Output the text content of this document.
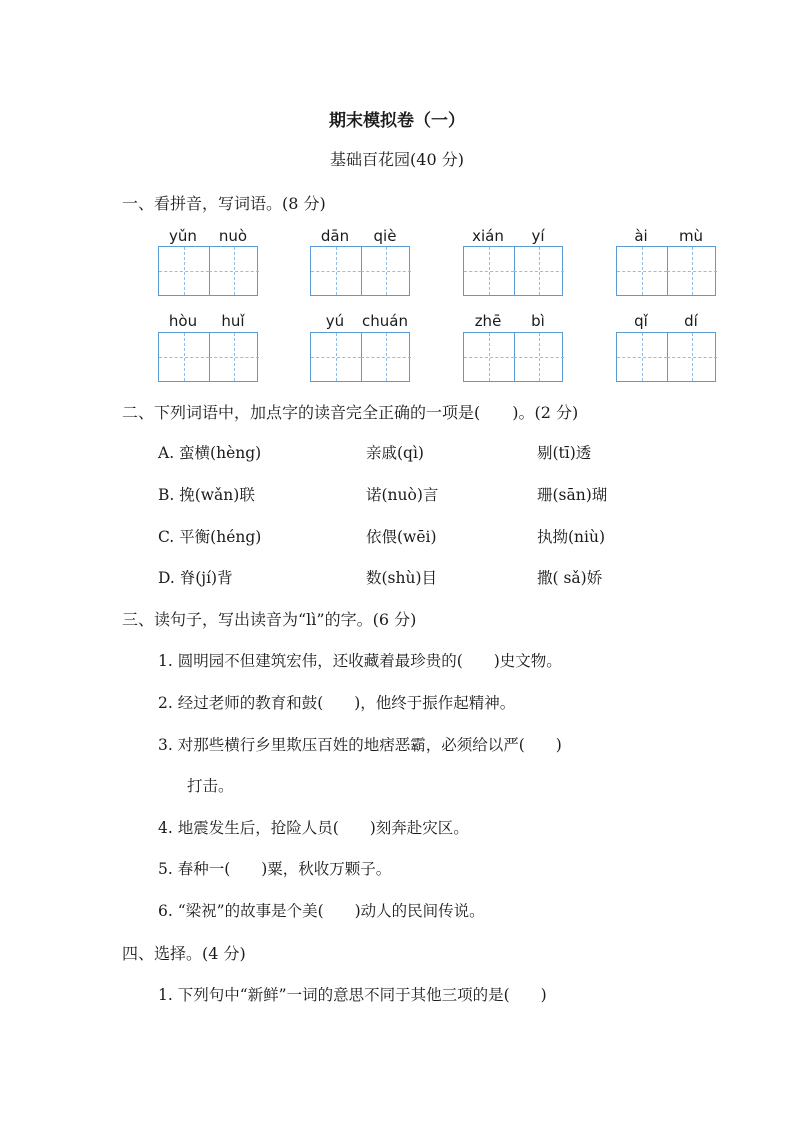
期末模拟卷（一）
基础百花园(40 分)
一、看拼音，写词语。(8 分)
yǔn	nuò	dān	qiè	xián	yí	ài	mù
hòu	huǐ	yú	chuán	zhē	bì	qǐ	dí
二、下列词语中，加点字的读音完全正确的一项是(　　)。(2 分)
A. 蛮横(hèng)	亲戚(qì)	剔(tī)透
B. 挽(wǎn)联	诺(nuò)言	珊(sān)瑚
C. 平衡(héng)	依偎(wēi)	执拗(niù)
D. 脊(jí)背	数(shù)目	撒( sǎ)娇
三、读句子，写出读音为“lì”的字。(6 分)
1. 圆明园不但建筑宏伟，还收藏着最珍贵的(　　)史文物。
2. 经过老师的教育和鼓(　　)，他终于振作起精神。
3. 对那些横行乡里欺压百姓的地痞恶霸，必须给以严(　　)
打击。
4. 地震发生后，抢险人员(　　)刻奔赴灾区。
5. 春种一(　　)粟，秋收万颗子。
6. “梁祝”的故事是个美(　　)动人的民间传说。
四、选择。(4 分)
1. 下列句中“新鲜”一词的意思不同于其他三项的是(　　)
